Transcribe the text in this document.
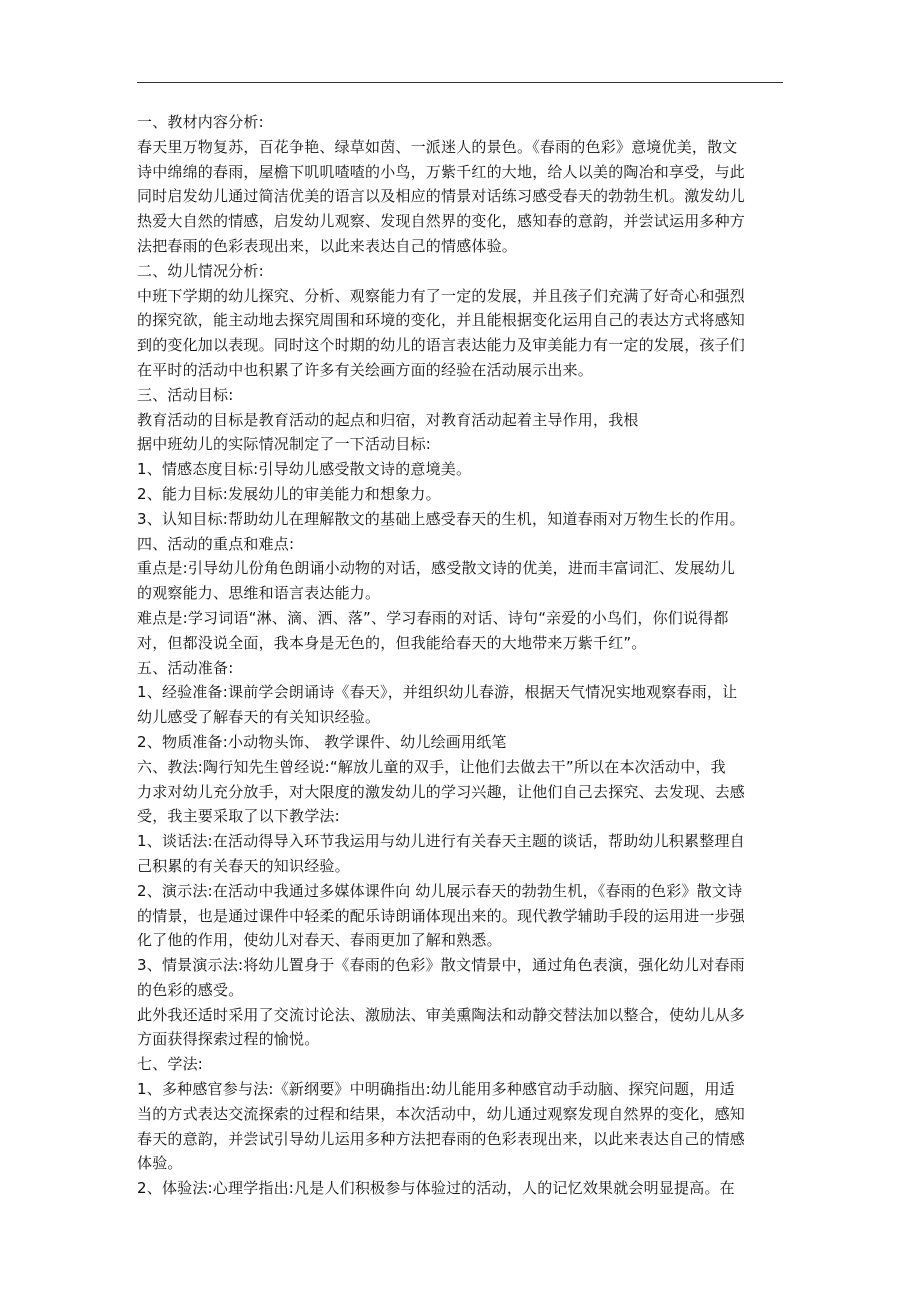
一、教材内容分析:
春天里万物复苏，百花争艳、绿草如茵、一派迷人的景色。《春雨的色彩》意境优美，散文
诗中绵绵的春雨，屋檐下叽叽喳喳的小鸟，万紫千红的大地，给人以美的陶冶和享受，与此
同时启发幼儿通过简洁优美的语言以及相应的情景对话练习感受春天的勃勃生机。激发幼儿
热爱大自然的情感，启发幼儿观察、发现自然界的变化，感知春的意韵，并尝试运用多种方
法把春雨的色彩表现出来，以此来表达自己的情感体验。
二、幼儿情况分析:
中班下学期的幼儿探究、分析、观察能力有了一定的发展，并且孩子们充满了好奇心和强烈
的探究欲，能主动地去探究周围和环境的变化，并且能根据变化运用自己的表达方式将感知
到的变化加以表现。同时这个时期的幼儿的语言表达能力及审美能力有一定的发展，孩子们
在平时的活动中也积累了许多有关绘画方面的经验在活动展示出来。
三、活动目标:
教育活动的目标是教育活动的起点和归宿，对教育活动起着主导作用，我根
据中班幼儿的实际情况制定了一下活动目标:
1、情感态度目标:引导幼儿感受散文诗的意境美。
2、能力目标:发展幼儿的审美能力和想象力。
3、认知目标:帮助幼儿在理解散文的基础上感受春天的生机，知道春雨对万物生长的作用。
四、活动的重点和难点:
重点是:引导幼儿份角色朗诵小动物的对话，感受散文诗的优美，进而丰富词汇、发展幼儿
的观察能力、思维和语言表达能力。
难点是:学习词语“淋、滴、洒、落”、学习春雨的对话、诗句“亲爱的小鸟们，你们说得都
对，但都没说全面，我本身是无色的，但我能给春天的大地带来万紫千红”。
五、活动准备:
1、经验准备:课前学会朗诵诗《春天》，并组织幼儿春游，根据天气情况实地观察春雨，让
幼儿感受了解春天的有关知识经验。
2、物质准备:小动物头饰、 教学课件、幼儿绘画用纸笔
六、教法:陶行知先生曾经说:“解放儿童的双手，让他们去做去干”所以在本次活动中，我
力求对幼儿充分放手，对大限度的激发幼儿的学习兴趣，让他们自己去探究、去发现、去感
受，我主要采取了以下教学法:
1、谈话法:在活动得导入环节我运用与幼儿进行有关春天主题的谈话，帮助幼儿积累整理自
己积累的有关春天的知识经验。
2、演示法:在活动中我通过多媒体课件向 幼儿展示春天的勃勃生机，《春雨的色彩》散文诗
的情景，也是通过课件中轻柔的配乐诗朗诵体现出来的。现代教学辅助手段的运用进一步强
化了他的作用，使幼儿对春天、春雨更加了解和熟悉。
3、情景演示法:将幼儿置身于《春雨的色彩》散文情景中，通过角色表演，强化幼儿对春雨
的色彩的感受。
此外我还适时采用了交流讨论法、激励法、审美熏陶法和动静交替法加以整合，使幼儿从多
方面获得探索过程的愉悦。
七、学法:
1、多种感官参与法:《新纲要》中明确指出:幼儿能用多种感官动手动脑、探究问题，用适
当的方式表达交流探索的过程和结果，本次活动中，幼儿通过观察发现自然界的变化，感知
春天的意韵，并尝试引导幼儿运用多种方法把春雨的色彩表现出来，以此来表达自己的情感
体验。
2、体验法:心理学指出:凡是人们积极参与体验过的活动，人的记忆效果就会明显提高。在
